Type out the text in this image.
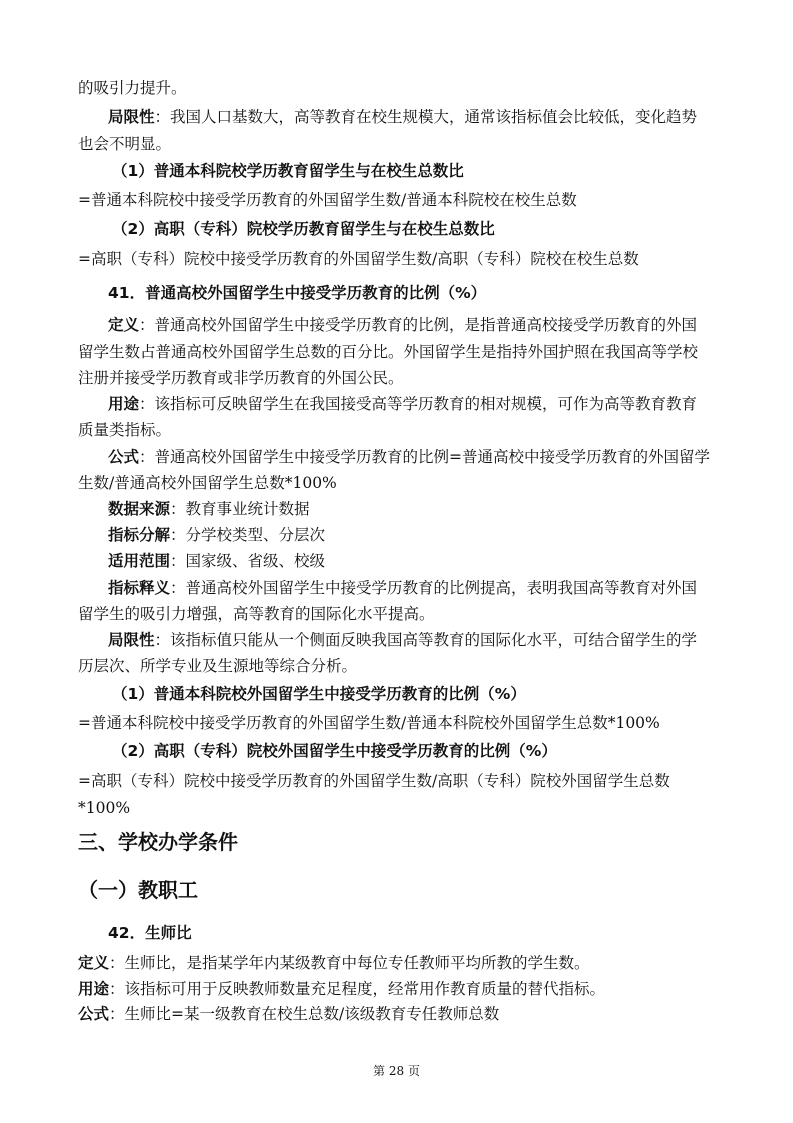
的吸引力提升。
局限性：我国人口基数大，高等教育在校生规模大，通常该指标值会比较低，变化趋势
也会不明显。
（1）普通本科院校学历教育留学生与在校生总数比
=普通本科院校中接受学历教育的外国留学生数/普通本科院校在校生总数
（2）高职（专科）院校学历教育留学生与在校生总数比
=高职（专科）院校中接受学历教育的外国留学生数/高职（专科）院校在校生总数
41．普通高校外国留学生中接受学历教育的比例（%）
定义：普通高校外国留学生中接受学历教育的比例，是指普通高校接受学历教育的外国
留学生数占普通高校外国留学生总数的百分比。外国留学生是指持外国护照在我国高等学校
注册并接受学历教育或非学历教育的外国公民。
用途：该指标可反映留学生在我国接受高等学历教育的相对规模，可作为高等教育教育
质量类指标。
公式：普通高校外国留学生中接受学历教育的比例=普通高校中接受学历教育的外国留学
生数/普通高校外国留学生总数*100%
数据来源：教育事业统计数据
指标分解：分学校类型、分层次
适用范围：国家级、省级、校级
指标释义：普通高校外国留学生中接受学历教育的比例提高，表明我国高等教育对外国
留学生的吸引力增强，高等教育的国际化水平提高。
局限性：该指标值只能从一个侧面反映我国高等教育的国际化水平，可结合留学生的学
历层次、所学专业及生源地等综合分析。
（1）普通本科院校外国留学生中接受学历教育的比例（%）
=普通本科院校中接受学历教育的外国留学生数/普通本科院校外国留学生总数*100%
（2）高职（专科）院校外国留学生中接受学历教育的比例（%）
=高职（专科）院校中接受学历教育的外国留学生数/高职（专科）院校外国留学生总数
*100%
三、学校办学条件
（一）教职工
42．生师比
定义：生师比，是指某学年内某级教育中每位专任教师平均所教的学生数。
用途：该指标可用于反映教师数量充足程度，经常用作教育质量的替代指标。
公式：生师比=某一级教育在校生总数/该级教育专任教师总数
第 28 页
